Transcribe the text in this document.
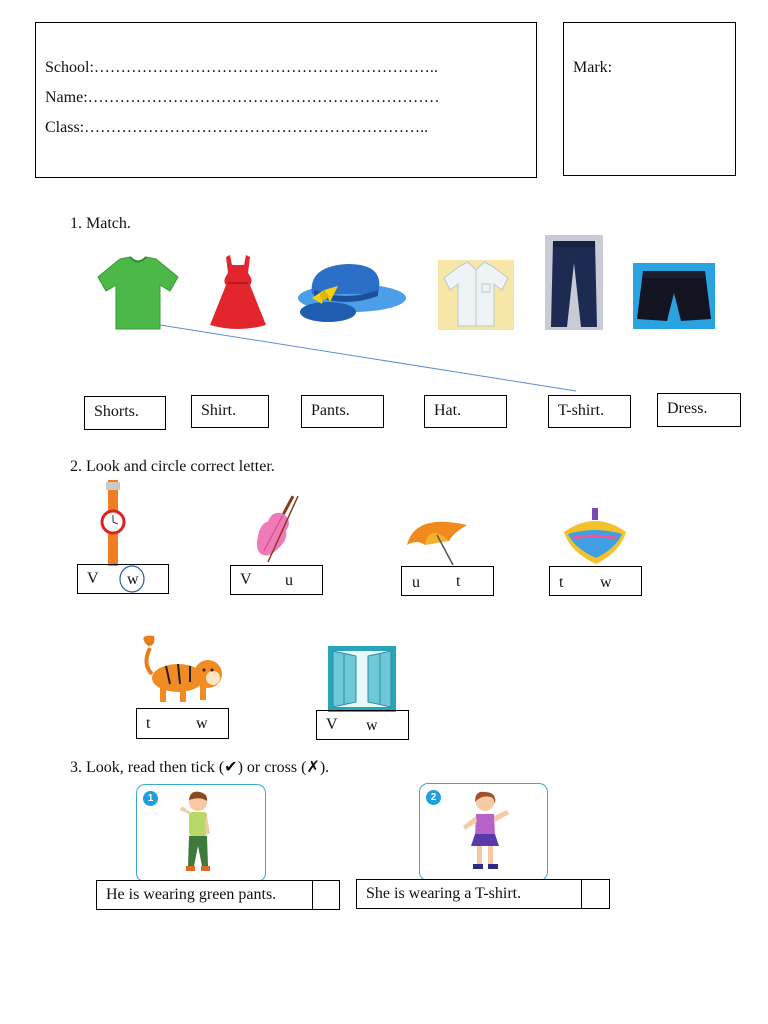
School:………………………………………………………..
Name:…………………………………………………………
Class:………………………………………………………..
Mark:
1. Match.
Shorts.	Shirt.	Pants.	Hat.	T-shirt.	Dress.
2. Look and circle correct letter.
V w	V u	u t	t w
t	w	V w
3. Look, read then tick (✔) or cross (✗).
1
He is wearing green pants.
2
She is wearing a T-shirt.
